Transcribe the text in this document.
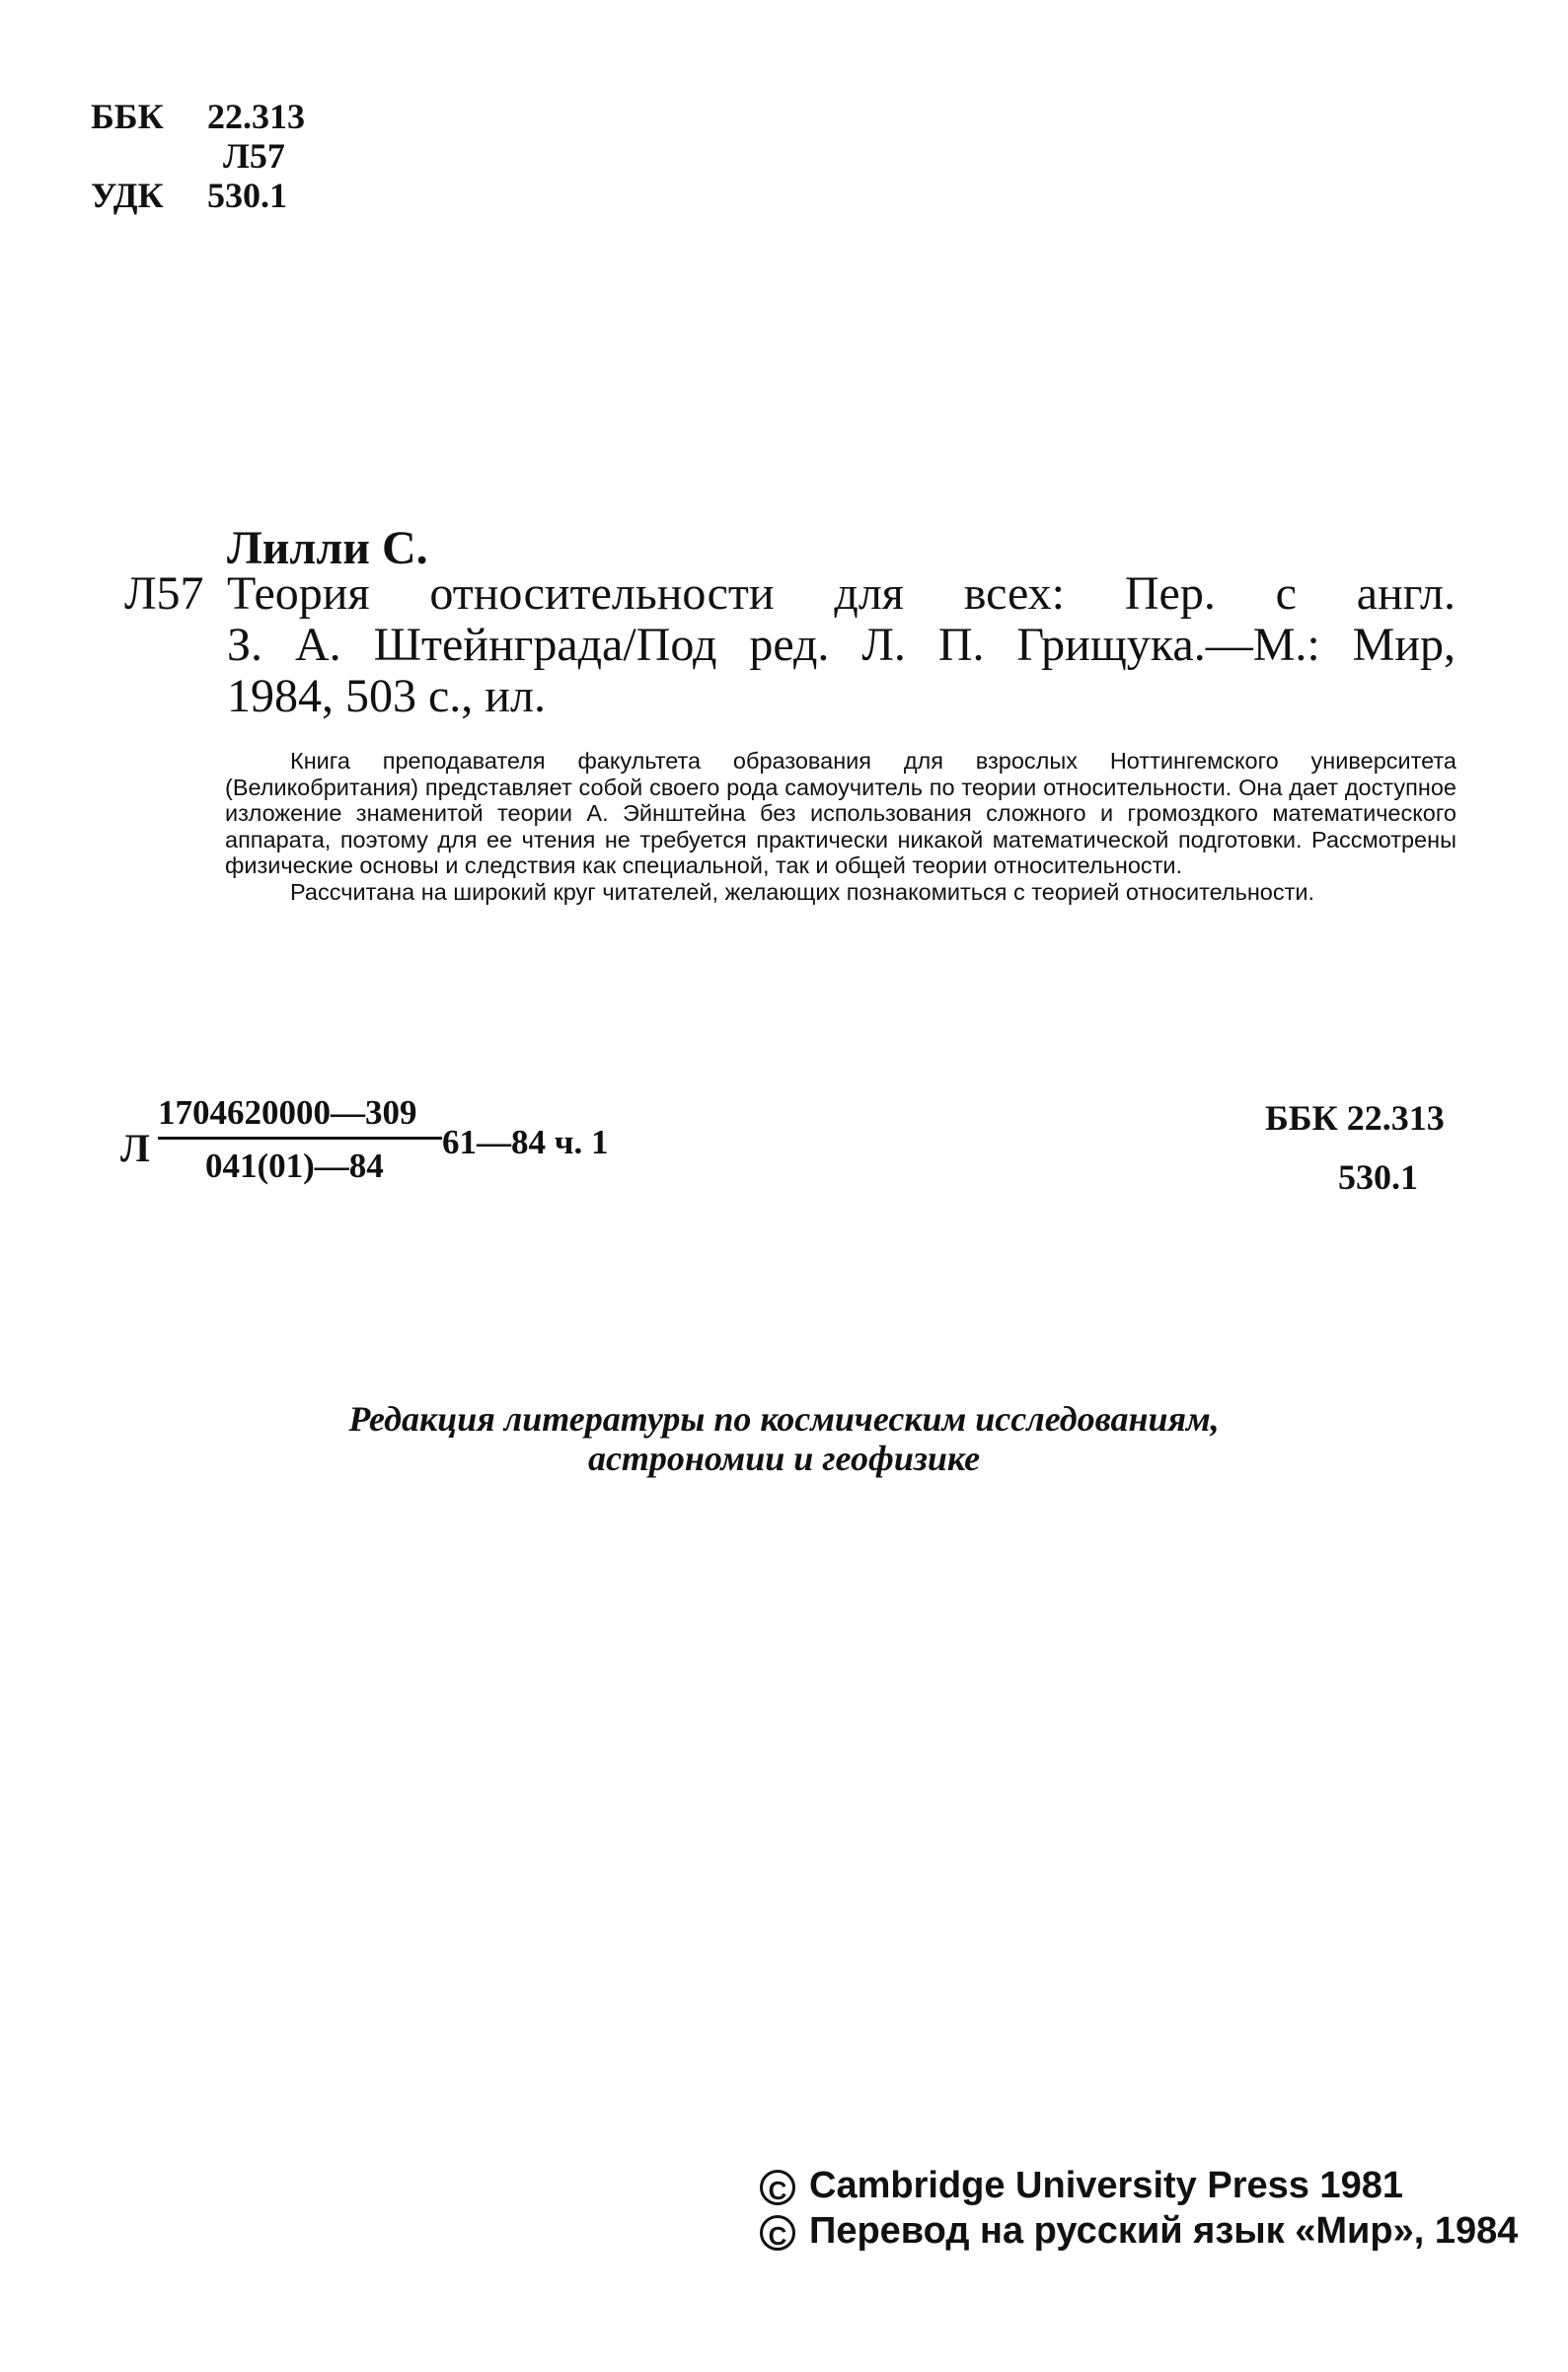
ББК 22.313
Л57
УДК 530.1
Лилли С.
Л57 Теория относительности для всех: Пер. с англ.
З. А. Штейнграда/Под ред. Л. П. Грищука.—М.: Мир,
1984, 503 с., ил.

Книга преподавателя факультета образования для взрослых Ноттингемского университета (Великобритания) представляет собой своего рода самоучитель по теории относительности. Она дает доступное изложение знаменитой теории А. Эйнштейна без использования сложного и громоздкого математического аппарата, поэтому для ее чтения не требуется практически никакой математической подготовки. Рассмотрены физические основы и следствия как специальной, так и общей теории относительности.

Рассчитана на широкий круг читателей, желающих познакомиться с теорией относительности.

Л
1704620000—309
041(01)—84
61—84 ч. 1
ББК 22.313
530.1
Редакция литературы по космическим исследованиям,
астрономии и геофизике
C Cambridge University Press 1981
C Перевод на русский язык «Мир», 1984
